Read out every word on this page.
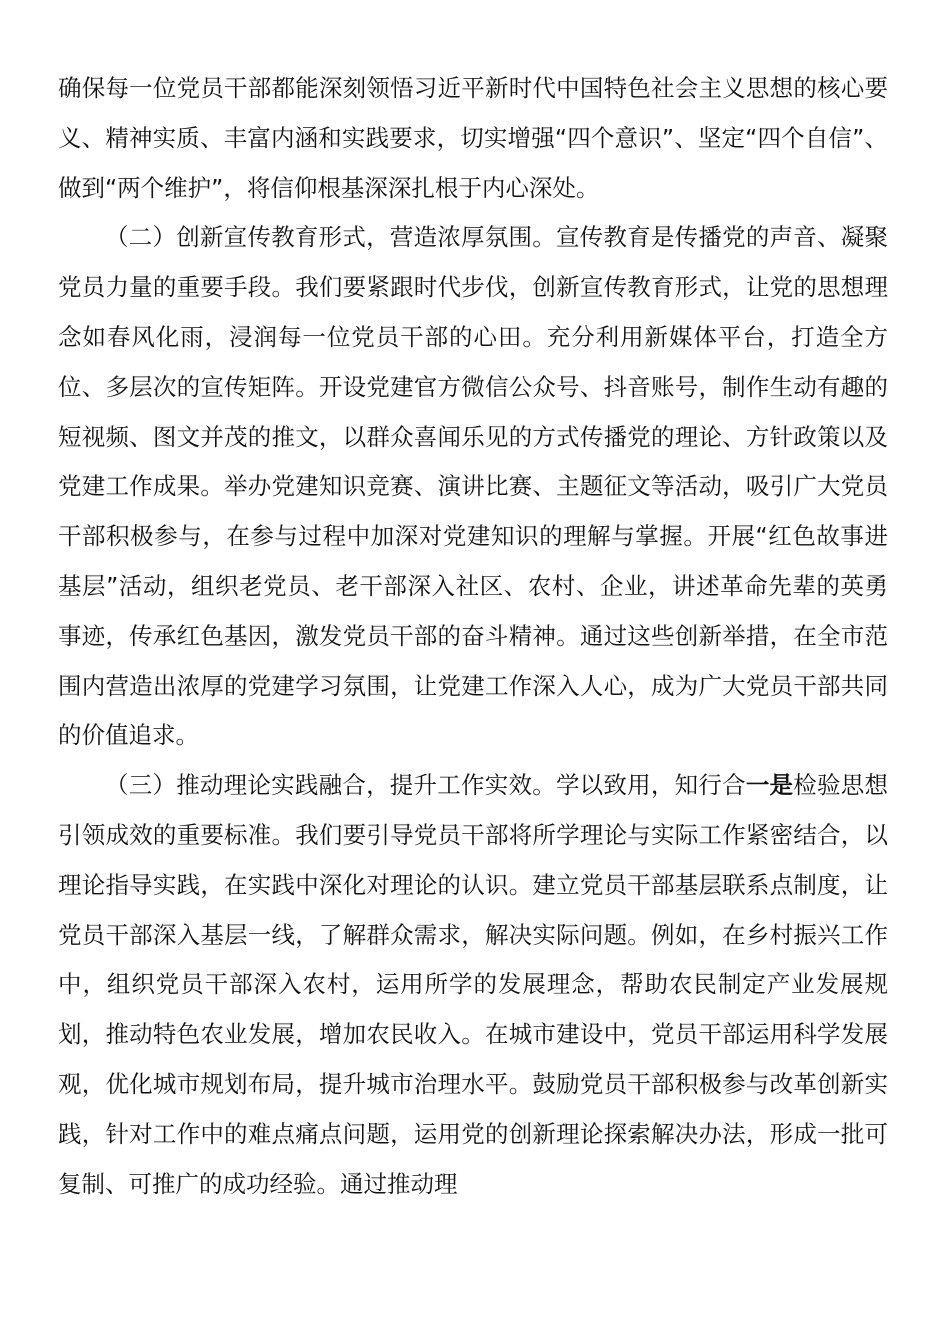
确保每一位党员干部都能深刻领悟习近平新时代中国特色社会主义思想的核心要义、精神实质、丰富内涵和实践要求，切实增强“四个意识”、坚定“四个自信”、做到“两个维护”，将信仰根基深深扎根于内心深处。

（二）创新宣传教育形式，营造浓厚氛围。宣传教育是传播党的声音、凝聚党员力量的重要手段。我们要紧跟时代步伐，创新宣传教育形式，让党的思想理念如春风化雨，浸润每一位党员干部的心田。充分利用新媒体平台，打造全方位、多层次的宣传矩阵。开设党建官方微信公众号、抖音账号，制作生动有趣的短视频、图文并茂的推文，以群众喜闻乐见的方式传播党的理论、方针政策以及党建工作成果。举办党建知识竞赛、演讲比赛、主题征文等活动，吸引广大党员干部积极参与，在参与过程中加深对党建知识的理解与掌握。开展“红色故事进基层”活动，组织老党员、老干部深入社区、农村、企业，讲述革命先辈的英勇事迹，传承红色基因，激发党员干部的奋斗精神。通过这些创新举措，在全市范围内营造出浓厚的党建学习氛围，让党建工作深入人心，成为广大党员干部共同的价值追求。

（三）推动理论实践融合，提升工作实效。学以致用，知行合一是检验思想引领成效的重要标准。我们要引导党员干部将所学理论与实际工作紧密结合，以理论指导实践，在实践中深化对理论的认识。建立党员干部基层联系点制度，让党员干部深入基层一线，了解群众需求，解决实际问题。例如，在乡村振兴工作中，组织党员干部深入农村，运用所学的发展理念，帮助农民制定产业发展规划，推动特色农业发展，增加农民收入。在城市建设中，党员干部运用科学发展观，优化城市规划布局，提升城市治理水平。鼓励党员干部积极参与改革创新实践，针对工作中的难点痛点问题，运用党的创新理论探索解决办法，形成一批可复制、可推广的成功经验。通过推动理
